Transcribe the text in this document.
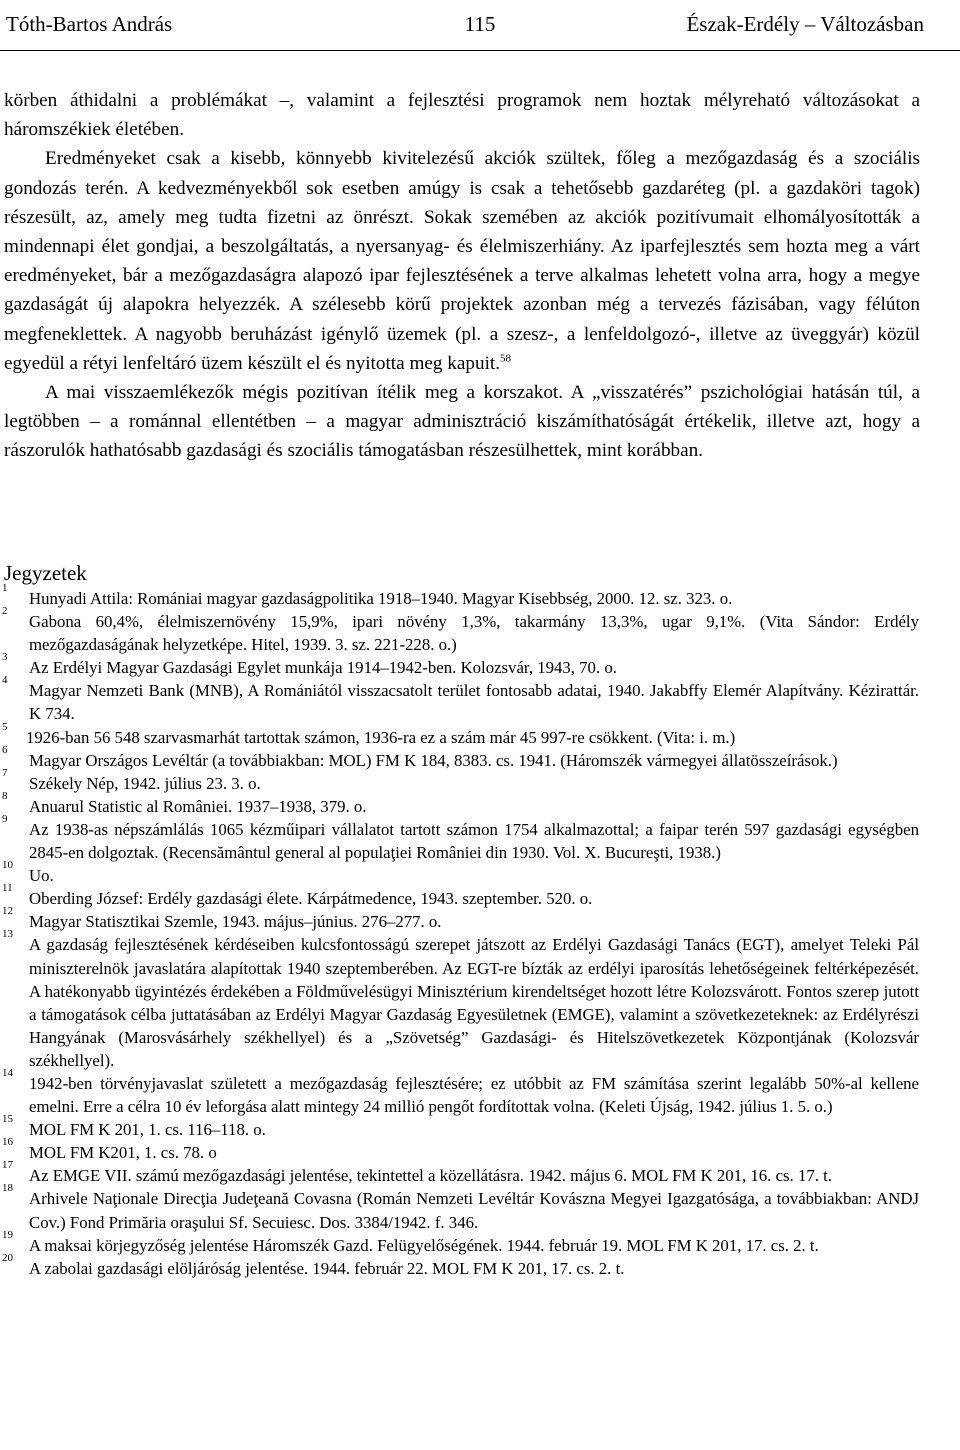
Tóth-Bartos András	115	Észak-Erdély – Változásban

körben áthidalni a problémákat –, valamint a fejlesztési programok nem hoztak mélyreható változásokat a háromszékiek életében.

Eredményeket csak a kisebb, könnyebb kivitelezésű akciók szültek, főleg a mezőgazdaság és a szociális gondozás terén. A kedvezményekből sok esetben amúgy is csak a tehetősebb gazdaréteg (pl. a gazdaköri tagok) részesült, az, amely meg tudta fizetni az önrészt. Sokak szemében az akciók pozitívumait elhomályosították a mindennapi élet gondjai, a beszolgáltatás, a nyersanyag- és élelmiszerhiány. Az iparfejlesztés sem hozta meg a várt eredményeket, bár a mezőgazdaságra alapozó ipar fejlesztésének a terve alkalmas lehetett volna arra, hogy a megye gazdaságát új alapokra helyezzék. A szélesebb körű projektek azonban még a tervezés fázisában, vagy félúton megfeneklettek. A nagyobb beruházást igénylő üzemek (pl. a szesz-, a lenfeldolgozó-, illetve az üveggyár) közül egyedül a rétyi lenfeltáró üzem készült el és nyitotta meg kapuit.$^{58}$

A mai visszaemlékezők mégis pozitívan ítélik meg a korszakot. A „visszatérés” pszichológiai hatásán túl, a legtöbben – a románnal ellentétben – a magyar adminisztráció kiszámíthatóságát értékelik, illetve azt, hogy a rászorulók hathatósabb gazdasági és szociális támogatásban részesülhettek, mint korábban.

Jegyzetek
1
Hunyadi Attila: Romániai magyar gazdaságpolitika 1918–1940. Magyar Kisebbség, 2000. 12. sz. 323. o.
2
Gabona 60,4%, élelmiszernövény 15,9%, ipari növény 1,3%, takarmány 13,3%, ugar 9,1%. (Vita Sándor: Erdély mezőgazdaságának helyzetképe. Hitel, 1939. 3. sz. 221-228. o.)
3
Az Erdélyi Magyar Gazdasági Egylet munkája 1914–1942-ben. Kolozsvár, 1943, 70. o.
4
Magyar Nemzeti Bank (MNB), A Romániától visszacsatolt terület fontosabb adatai, 1940. Jakabffy Elemér Alapítvány. Kézirattár. K 734.
5
1926-ban 56 548 szarvasmarhát tartottak számon, 1936-ra ez a szám már 45 997-re csökkent. (Vita: i. m.)
6
Magyar Országos Levéltár (a továbbiakban: MOL) FM K 184, 8383. cs. 1941. (Háromszék vármegyei állatösszeírások.)
7
Székely Nép, 1942. július 23. 3. o.
8
Anuarul Statistic al României. 1937–1938, 379. o.
9
Az 1938-as népszámlálás 1065 kézműipari vállalatot tartott számon 1754 alkalmazottal; a faipar terén 597 gazdasági egységben 2845-en dolgoztak. (Recensământul general al populaţiei României din 1930. Vol. X. Bucureşti, 1938.)
10
Uo.
11
Oberding József: Erdély gazdasági élete. Kárpátmedence, 1943. szeptember. 520. o.
12
Magyar Statisztikai Szemle, 1943. május–június. 276–277. o.
13
A gazdaság fejlesztésének kérdéseiben kulcsfontosságú szerepet játszott az Erdélyi Gazdasági Tanács (EGT), amelyet Teleki Pál miniszterelnök javaslatára alapítottak 1940 szeptemberében. Az EGT-re bízták az erdélyi iparosítás lehetőségeinek feltérképezését. A hatékonyabb ügyintézés érdekében a Földművelésügyi Minisztérium kirendeltséget hozott létre Kolozsvárott. Fontos szerep jutott a támogatások célba juttatásában az Erdélyi Magyar Gazdaság Egyesületnek (EMGE), valamint a szövetkezeteknek: az Erdélyrészi Hangyának (Marosvásárhely székhellyel) és a „Szövetség” Gazdasági- és Hitelszövetkezetek Központjának (Kolozsvár székhellyel).
14
1942-ben törvényjavaslat született a mezőgazdaság fejlesztésére; ez utóbbit az FM számítása szerint legalább 50%-al kellene emelni. Erre a célra 10 év leforgása alatt mintegy 24 millió pengőt fordítottak volna. (Keleti Újság, 1942. július 1. 5. o.)
15
MOL FM K 201, 1. cs. 116–118. o.
16
MOL FM K201, 1. cs. 78. o
17
Az EMGE VII. számú mezőgazdasági jelentése, tekintettel a közellátásra. 1942. május 6. MOL FM K 201, 16. cs. 17. t.
18
Arhivele Naţionale Direcţia Judeţeană Covasna (Román Nemzeti Levéltár Kovászna Megyei Igazgatósága, a továbbiakban: ANDJ Cov.) Fond Primăria oraşului Sf. Secuiesc. Dos. 3384/1942. f. 346.
19
A maksai körjegyzőség jelentése Háromszék Gazd. Felügyelőségének. 1944. február 19. MOL FM K 201, 17. cs. 2. t.
20
A zabolai gazdasági elöljáróság jelentése. 1944. február 22. MOL FM K 201, 17. cs. 2. t.
